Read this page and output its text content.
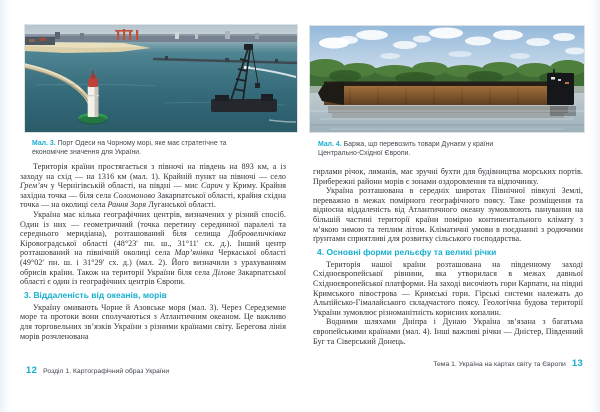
Мал. 3. Порт Одеси на Чорному морі, яке має стратегічне та економічне значення для України.

Територія країни простягається з півночі на південь на 893 км, а із заходу на схід — на 1316 км (мал. 1). Крайній пункт на півночі — село Грем’яч у Чернігівській області, на півдні — мис Сарич у Криму. Крайня західна точка — біля села Соломоново Закарпатської області, крайня східна точка — на околиці села Рання Зоря Луганської області.

Україна має кілька географічних центрів, визначених у різний спосіб. Один із них — геометричний (точка перетину серединної паралелі та середнього меридіана), розташований біля селища Добровеличківка Кіровоградської області (48°23′ пн. ш., 31°11′ сх. д.). Інший центр розташований на північній околиці села Мар’янівка Черкаської області (49°02′ пн. ш. і 31°29′ сх. д.) (мал. 2). Його визначили з урахуванням обрисів країни. Також на території України біля села Ділове Закарпатської області є один із географічних центрів Європи.

3. Віддаленість від океанів, морів

Україну омивають Чорне й Азовське моря (мал. 3). Через Середземне море та протоки вони сполучаються з Атлантичним океаном. Це важливо для торговельних зв’язків України з різними країнами світу. Берегова лінія морів розчленована

12 Розділ 1. Картографічний образ України
Мал. 4. Баржа, що перевозить товари Дунаєм у країни Центрально-Східної Європи.

гирлами річок, лиманів, має зручні бухти для будівництва морських портів. Прибережні райони морів є зонами оздоровлення та відпочинку.

Україна розташована в середніх широтах Північної півкулі Землі, переважно в межах помірного географічного поясу. Таке розміщення та відносна віддаленість від Атлантичного океану зумовлюють панування на більшій частині території країни помірно континентального клімату з м’якою зимою та теплим літом. Кліматичні умови в поєднанні з родючими ґрунтами сприятливі для розвитку сільського господарства.

4. Основні форми рельєфу та великі річки

Територія нашої країни розташована на південному заході Східноєвропейської рівнини, яка утворилася в межах давньої Східноєвропейської платформи. На заході височіють гори Карпати, на півдні Кримського півострова — Кримські гори. Гірські системи належать до Альпійсько-Гімалайського складчастого поясу. Геологічна будова території України зумовлює різноманітність корисних копалин.

Водними шляхами Дніпра і Дунаю Україна зв’язана з багатьма європейськими країнами (мал. 4). Інші важливі річки — Дністер, Південний Буг та Сіверський Донець.

Тема 1. Україна на картах світу та Європи 13
